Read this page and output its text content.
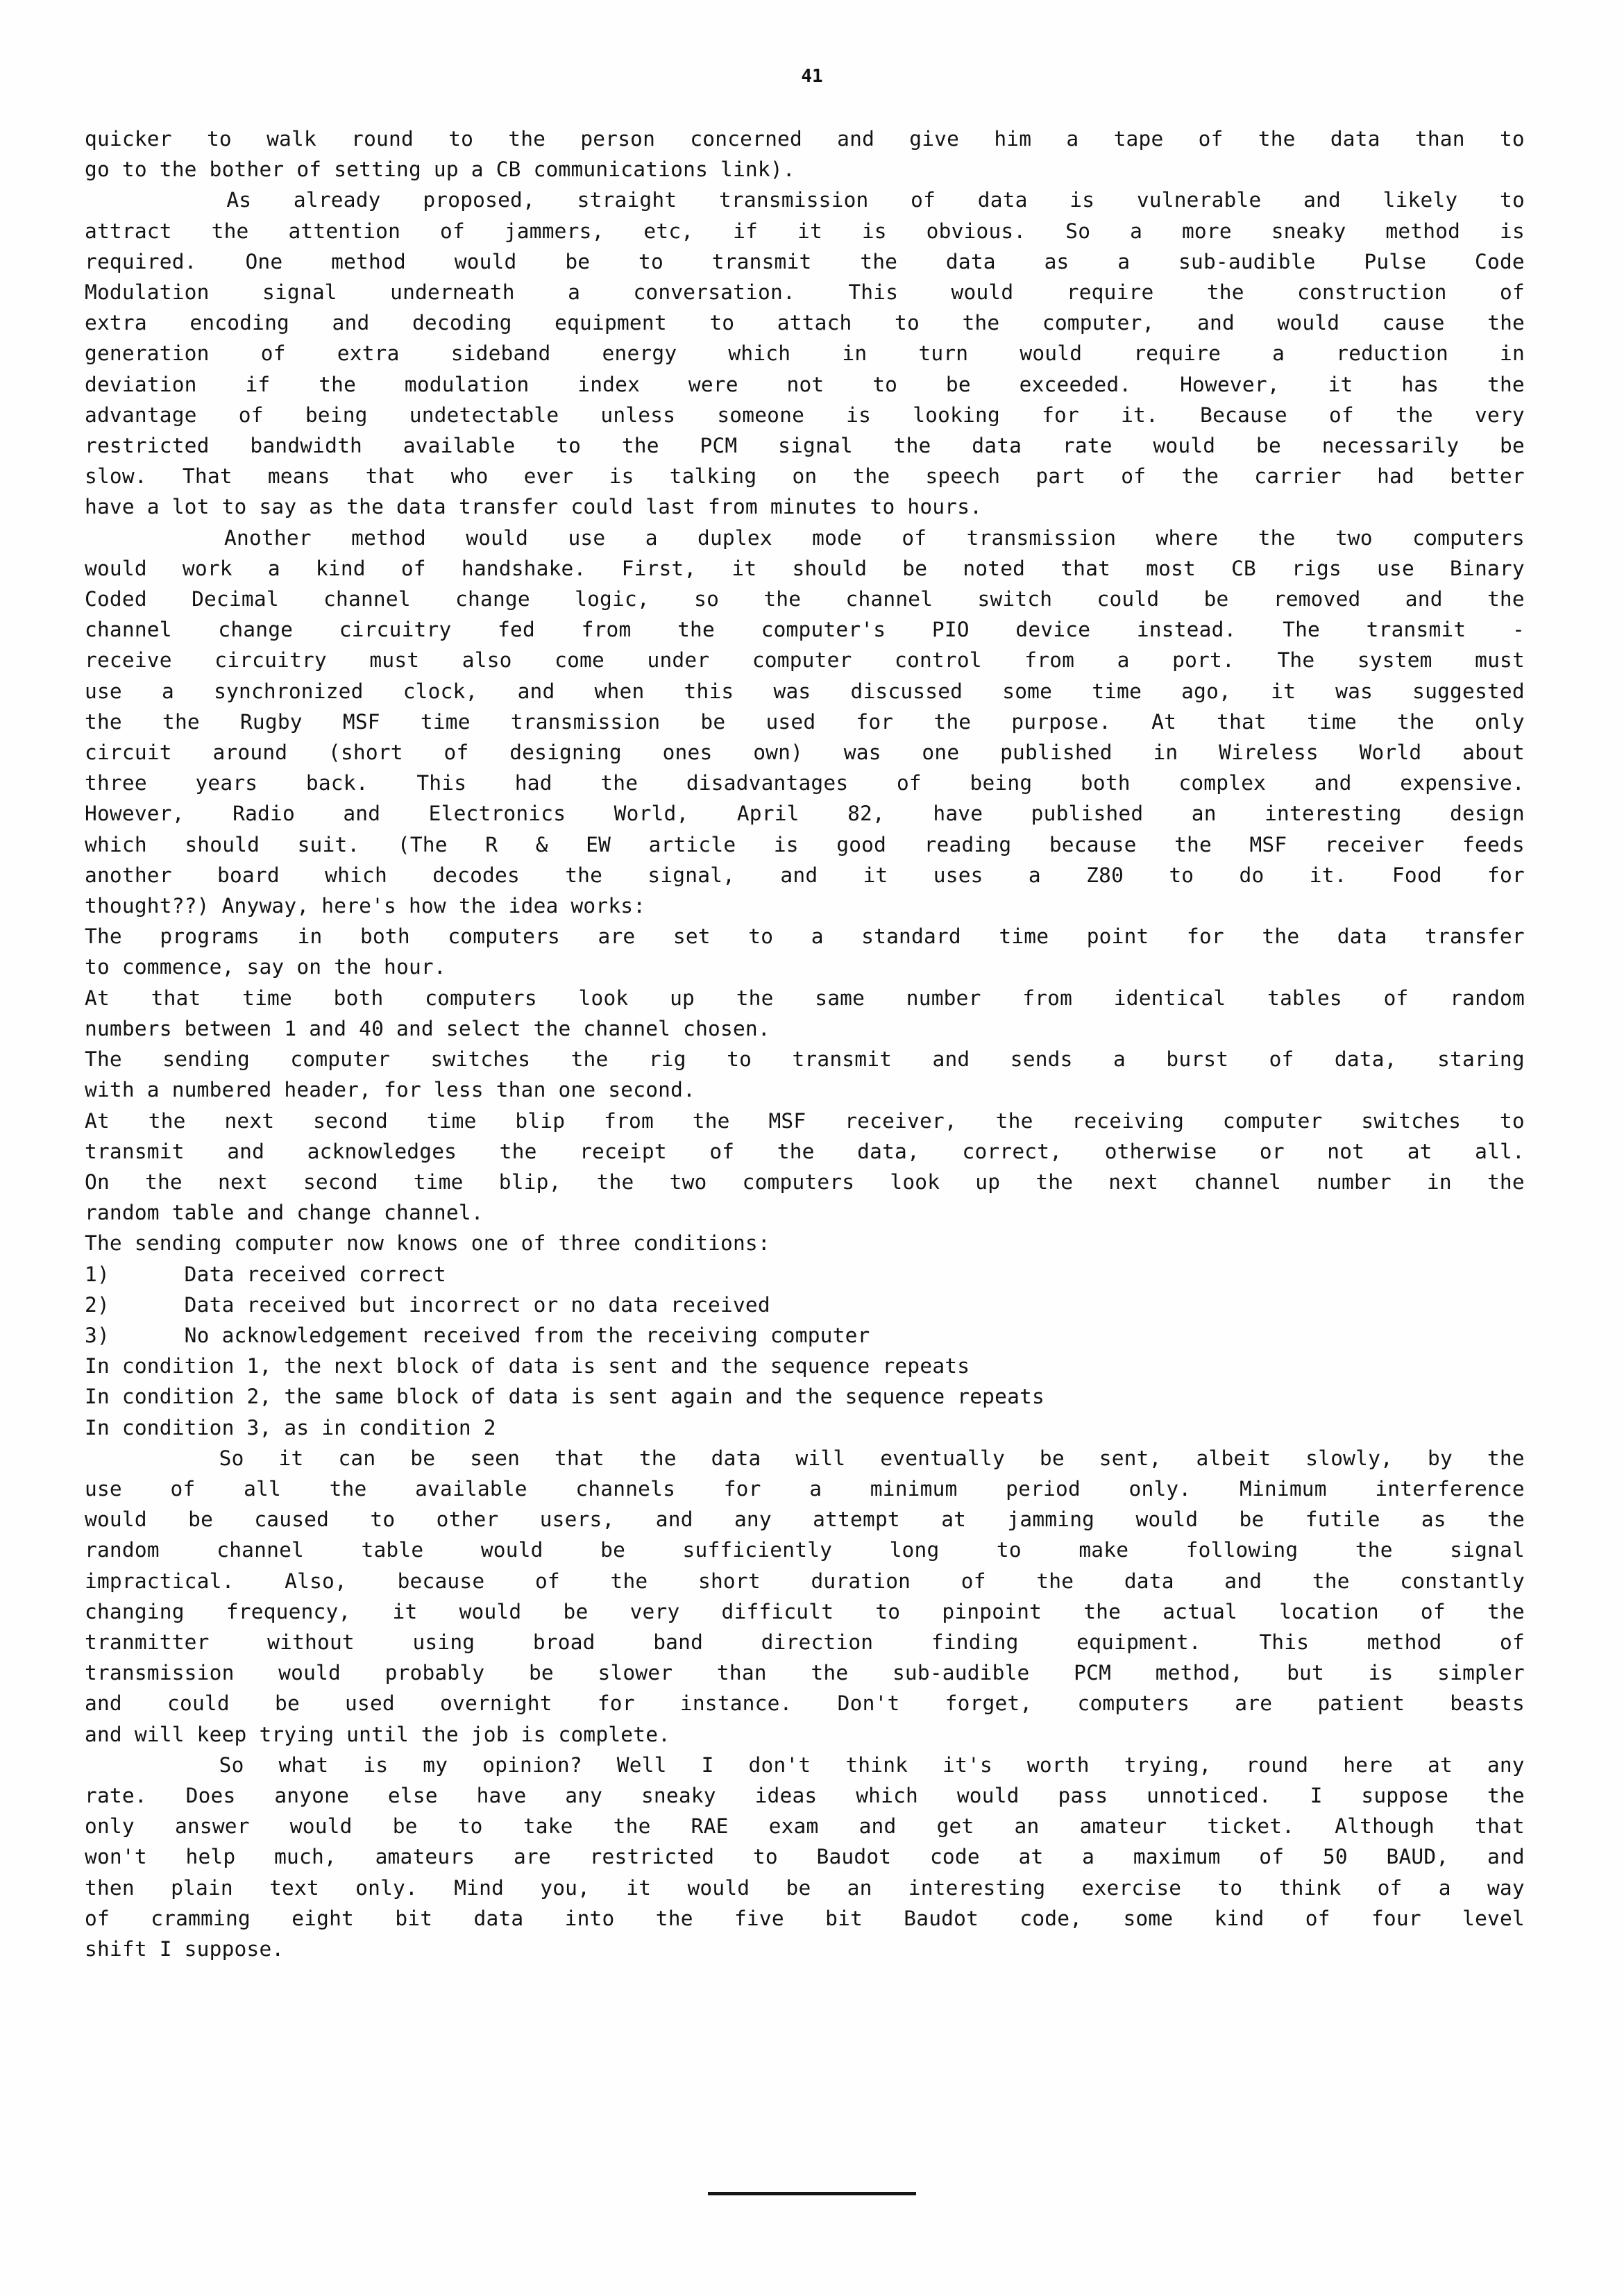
41
quicker to walk round to the person concerned and give him a tape of the data than to
go to the bother of setting up a CB communications link).

As already proposed, straight transmission of data is vulnerable and likely to
attract the attention of jammers, etc, if it is obvious. So a more sneaky method is
required. One method would be to transmit the data as a sub-audible Pulse Code
Modulation	signal	underneath	a	conversation.	This	would	require	the	construction	of
extra encoding and decoding equipment to attach to the computer, and would cause the
generation	of	extra	sideband	energy	which	in	turn	would	require	a	reduction	in
deviation if the modulation index were not to be exceeded. However, it has the
advantage of being undetectable unless someone is looking for it. Because of the very
restricted bandwidth available to the PCM signal the data rate would be necessarily be
slow. That means that who ever is talking on the speech part of the carrier had better
have a lot to say as the data transfer could last from minutes to hours.

Another method would use a duplex mode of transmission where the two computers
would work a kind of handshake. First, it should be noted that most CB rigs use Binary
Coded Decimal channel change logic, so the channel switch could be removed and the
channel change circuitry fed from the computer's PIO device instead. The transmit -
receive circuitry must also come under computer control from a port. The system must
use a synchronized clock, and when this was discussed some time ago, it was suggested
the the Rugby MSF time transmission be used for the purpose. At that time the only
circuit around (short of designing ones own) was one published in Wireless World about
three years back. This had the disadvantages of being both complex and expensive.
However, Radio and Electronics World, April 82, have published an interesting design
which should suit. (The R & EW article is good reading because the MSF receiver feeds
another board which decodes the signal, and it uses a Z80 to do it. Food for
thought??) Anyway, here's how the idea works:
The programs in both computers are set to a standard time point for the data transfer
to commence, say on the hour.
At that time both computers look up the same number from identical tables of random
numbers between 1 and 40 and select the channel chosen.
The sending computer switches the rig to transmit and sends a burst of data, staring
with a numbered header, for less than one second.
At the next second time blip from the MSF receiver, the receiving computer switches to
transmit and acknowledges the receipt of the data, correct, otherwise or not at all.
On the next second time blip, the two computers look up the next channel number in the
random table and change channel.
The sending computer now knows one of three conditions:
1)      Data received correct
2)      Data received but incorrect or no data received
3)      No acknowledgement received from the receiving computer
In condition 1, the next block of data is sent and the sequence repeats
In condition 2, the same block of data is sent again and the sequence repeats
In condition 3, as in condition 2

So it can be seen that the data will eventually be sent, albeit slowly, by the
use of all the available channels for a minimum period only. Minimum interference
would be caused to other users, and any attempt at jamming would be futile as the
random	channel	table	would	be	sufficiently	long	to	make	following	the	signal
impractical. Also, because of the short duration of the data and the constantly
changing frequency, it would be very difficult to pinpoint the actual location of the
tranmitter	without	using	broad	band	direction	finding	equipment.	This	method	of
transmission would probably be slower than the sub-audible PCM method, but is simpler
and could be used overnight for instance. Don't forget, computers are patient beasts
and will keep trying until the job is complete.

So what is my opinion? Well I don't think it's worth trying, round here at any
rate. Does anyone else have any sneaky ideas which would pass unnoticed. I suppose the
only answer would be to take the RAE exam and get an amateur ticket. Although that
won't help much, amateurs are restricted to Baudot code at a maximum of 50 BAUD, and
then plain text only. Mind you, it would be an interesting exercise to think of a way
of cramming eight bit data into the five bit Baudot code, some kind of four level
shift I suppose.
